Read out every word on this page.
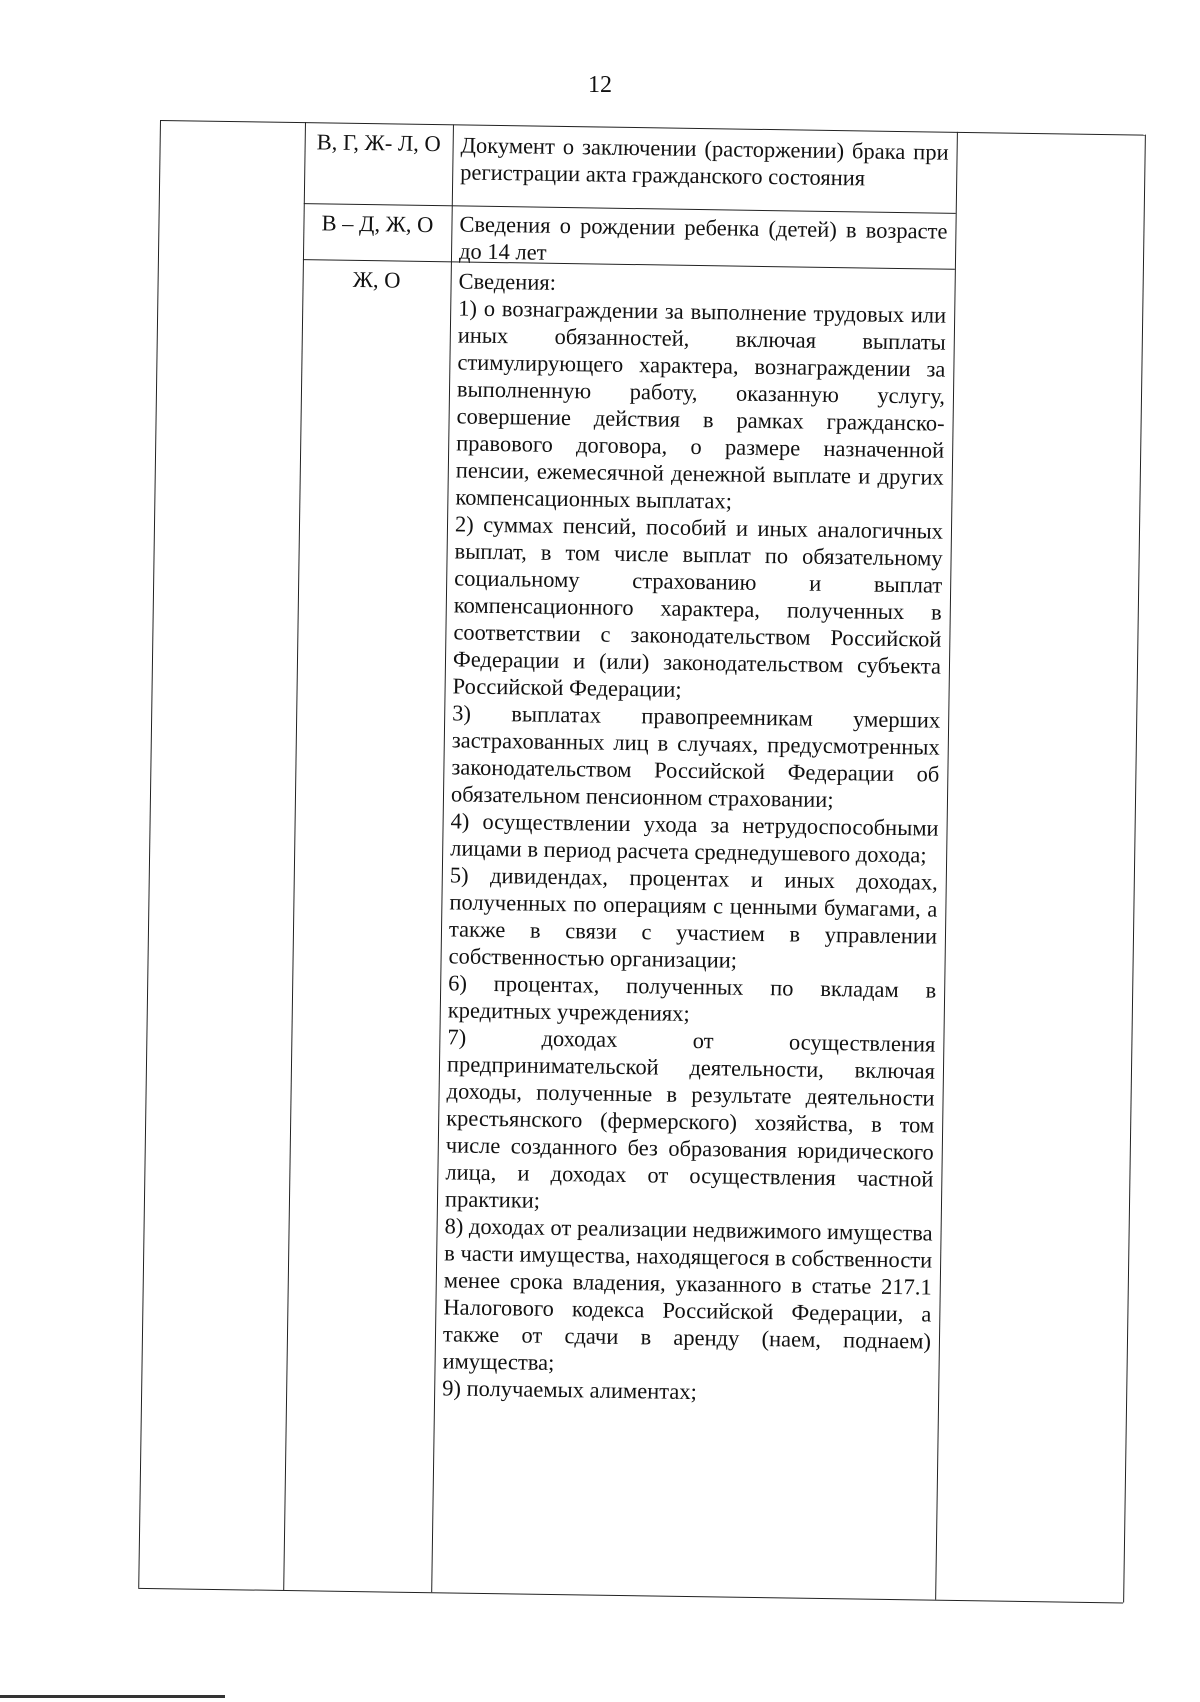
12
В, Г, Ж- Л, О Документ о заключении (расторжении) брака при регистрации акта гражданского состояния
В – Д, Ж, О	Сведения о рождении ребенка (детей) в возрасте до 14 лет
Ж, О	Сведения:
1) о вознаграждении за выполнение трудовых или иных обязанностей, включая выплаты стимулирующего характера, вознаграждении за выполненную работу, оказанную услугу, совершение действия в рамках гражданско-правового договора, о размере назначенной пенсии, ежемесячной денежной выплате и других компенсационных выплатах;
2) суммах пенсий, пособий и иных аналогичных выплат, в том числе выплат по обязательному социальному страхованию и выплат компенсационного характера, полученных в соответствии с законодательством Российской Федерации и (или) законодательством субъекта Российской Федерации;
3) выплатах правопреемникам умерших застрахованных лиц в случаях, предусмотренных законодательством Российской Федерации об обязательном пенсионном страховании;
4) осуществлении ухода за нетрудоспособными лицами в период расчета среднедушевого дохода;
5) дивидендах, процентах и иных доходах, полученных по операциям с ценными бумагами, а также в связи с участием в управлении собственностью организации;
6) процентах, полученных по вкладам в кредитных учреждениях;
7) доходах от осуществления предпринимательской деятельности, включая доходы, полученные в результате деятельности крестьянского (фермерского) хозяйства, в том числе созданного без образования юридического лица, и доходах от осуществления частной практики;
8) доходах от реализации недвижимого имущества в части имущества, находящегося в собственности менее срока владения, указанного в статье 217.1 Налогового кодекса Российской Федерации, а также от сдачи в аренду (наем, поднаем) имущества;
9) получаемых алиментах;
